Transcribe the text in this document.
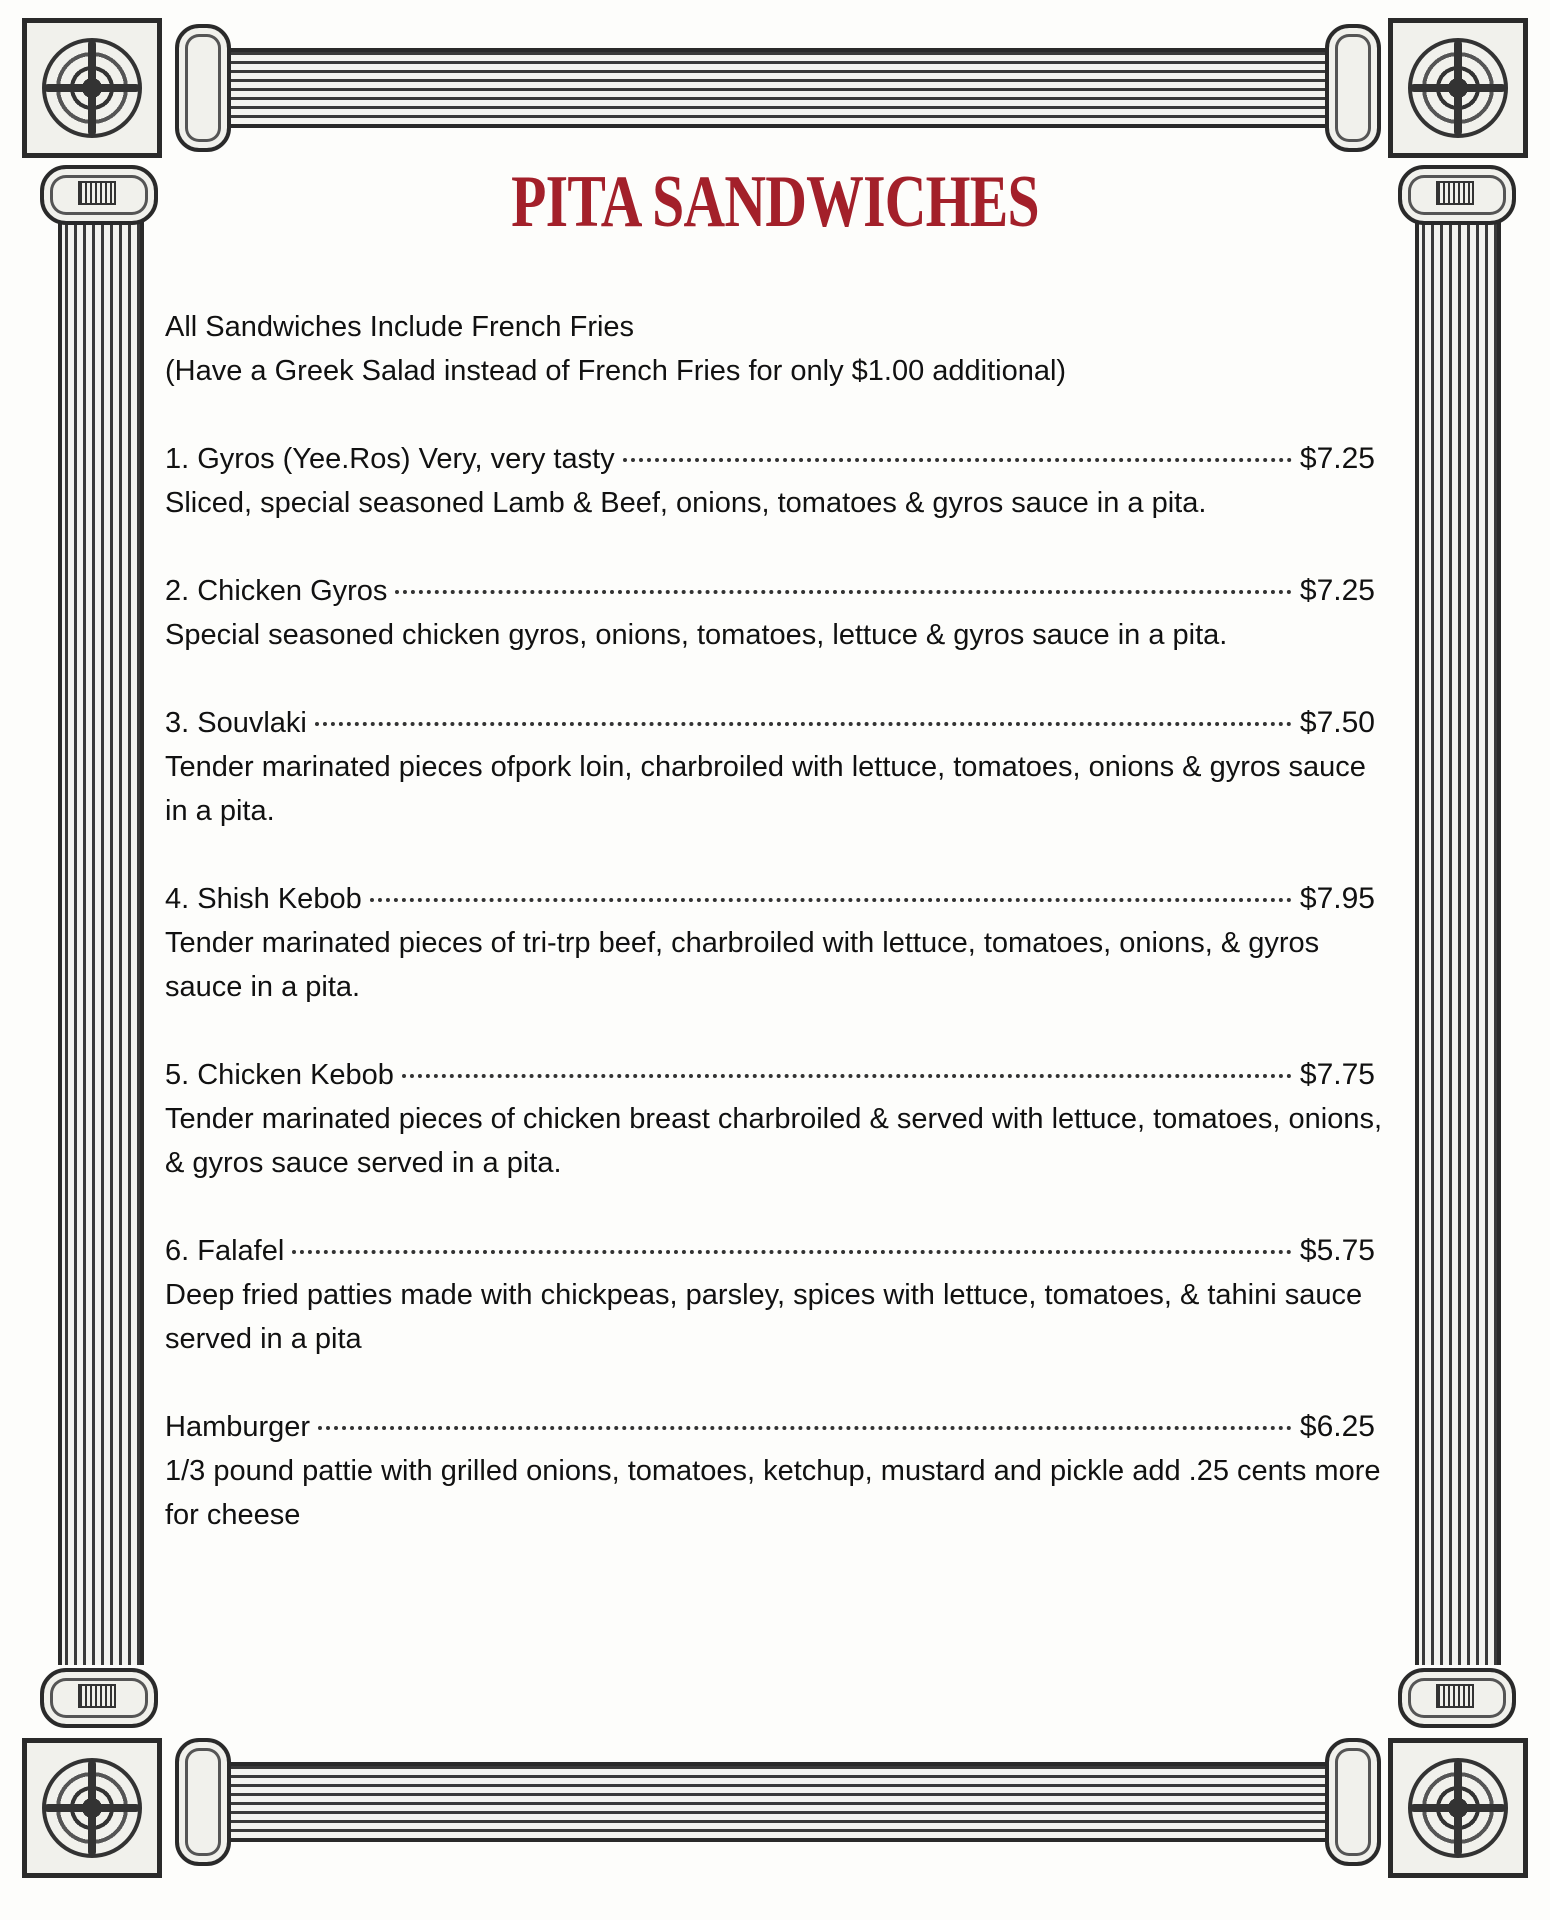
PITA SANDWICHES
All Sandwiches Include French Fries
(Have a Greek Salad instead of French Fries for only $1.00 additional)
1. Gyros (Yee.Ros) Very, very tasty	$7.25
Sliced, special seasoned Lamb & Beef, onions, tomatoes & gyros sauce in a pita.
2. Chicken Gyros	$7.25
Special seasoned chicken gyros, onions, tomatoes, lettuce & gyros sauce in a pita.
3. Souvlaki	$7.50
Tender marinated pieces ofpork loin, charbroiled with lettuce, tomatoes, onions & gyros sauce in a pita.
4. Shish Kebob	$7.95
Tender marinated pieces of tri-trp beef, charbroiled with lettuce, tomatoes, onions, & gyros sauce in a pita.
5. Chicken Kebob	$7.75
Tender marinated pieces of chicken breast charbroiled & served with lettuce, tomatoes, onions, & gyros sauce served in a pita.
6. Falafel	$5.75
Deep fried patties made with chickpeas, parsley, spices with lettuce, tomatoes, & tahini sauce served in a pita
Hamburger	$6.25
1/3 pound pattie with grilled onions, tomatoes, ketchup, mustard and pickle add .25 cents more for cheese
